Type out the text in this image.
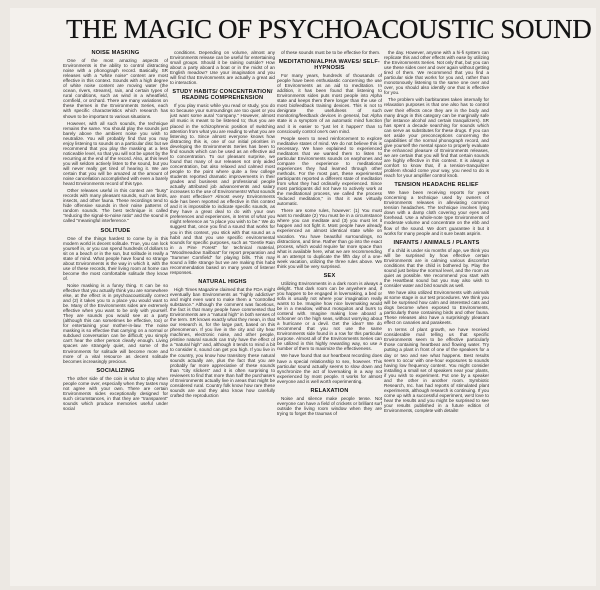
THE MAGIC OF PSYCHOACOUSTIC SOUND
NOISE MASKING

One of the most amazing aspects of Environments is the ability to control distracting noise with a phonograph record. Basically, SR releases with a "white noise" content are most effective in this context. Sounds with a high degree of white noise content are moving water (the ocean, rivers, streams), rain, and certain types of rural conditions, such as wind in a wheatfield, cornfield, or orchard. There are many variations on these themes in the Environments Series, each with specific characteristics which research has shown to be important to various situations.

However, with all such sounds, the technique remains the same. You should play the sounds just barely above the ambient noise you wish to neutralize. You will probably find that you may enjoy listening to sounds on a particular disc but we recommend that you play the masking at a less noticeable level, so that you will not be upset by the recurring at the end of the record. Also, at this level you will seldom actively listen to the sound, but you will never really get tired of hearing it. We are certain that you will be amazed at the amount of noise cancellation accomplished with even a barely heard Environments record of this type.

Other releases useful in this context are "busy" records with many pleasant sounds, such as birds, insects, and other fauna. These recordings tend to hide offensive sounds in their noise patterns of random sounds. The best technique is called "reducing the signal-to-noise ratio" and the sound is called "meaningful interference."

SOLITUDE

One of the things hardest to come by in this modern world is decent solitude. True, you can lock yourself in, or you can spend hundreds of dollars to sit on a beach or in the sun, but solitude is really a state of mind. What people have found so strange about Environments is the way in which it, with the use of these records, their living room at home can become the most comfortable solitude they know of.

Noise masking is a funny thing. It can be so effective that you actually think you are somewhere else, at the effect is in psychoacoustically correct and (2) it takes you to a place you would want to be. Many of the Environments sides are extremely effective when you want to be only with yourself. They are sounds you would see at a party (although this can sometimes be effective, too) or for entertaining your mother-in-law. The noise masking is so effective that carrying on a normal or subdued conversation can be difficult; you simply can't hear the other person clearly enough. Living spaces are strangely quiet, and some of the Environments for solitude will become more and more of a vital resource as decent solitude becomes increasingly precious.

SOCIALIZING

The other side of the coin is what to play when people come over, especially when they tastes may not agree with your own. There are certain Environments sides exceptionally designed for such circumstances, in that they are "transparent" sounds which produce memories useful under social

conditions. Depending on volume, almost any Environments release can be useful for entertaining small groups. Should it be raining outside? How about a party aboard a boat or in the midst of an English meadow? Use your imagination and you will find that Environments are actually a great aid to interaction.

STUDY HABITS/ CONCENTRATION/ READING COMPREHENSION

If you play music while you read or study, you do so because your surroundings are too quiet or you just want some aural "company." However, almost all music is meant to be listened to; thus you are placed in the schizophrenic position of switching attention from what you are reading to what you are listening to. Since almost everyone knows how distracting this is, one of our initial priorities in developing the Environments Series has been to find sounds which can be used as an effective aid to concentration. To our pleasant surprise, we found that many of our releases not only aided concentration, but also relaxed and calmed most people to the point where quite a few college students reported dramatic improvements in their grades and business and professional people actually attributed job advancements and salary increases to the use of Environments! What sounds are most effective? Almost every Environments side has been reported as effective in this context and it is impossible to indicate specific sounds, as they have a great deal to do with your own preferences and experiences, in terms of what you might reference as "a place you wish to be." We do suggest that, once you find a sound that works for you in this context, you stick with that sound as a habit and that you use specific environmental sounds for specific purposes, such as "Gentle Rain in a Pine Forest" for technical material, "Woodmeadow Sailboat" for report preparation and "Summer Cornfield" for playing bills. This may sound a little strange but we are making this habit recommendation based on many years of listener responses.

NATURAL HIGHS

High Times Magazine claimed that the FDA might eventually ban Environments as "highly addictive" and might even want to make them a "controlled substance." Although the comment was facetious, the fact is that many people have commented that Environments are a "natural high" in both senses of the term. SR knows exactly what they mean, in that our research is, for the large part, based on this phenomenon. If you live in the city and city hear machines, electronic noise, and other people, pristine natural sounds can truly have the effect of a "natural high" and, although it tends to mind a bit to consider it, sound can get you high. If you live in the country, you know how transitory these natural sounds actually are, plus the fact that you are probably far more appreciative of these sounds than "city slickers" and it is often surprising to reviewers to find that more than half the purchasers of Environments actually live in areas that might be considered rural. Country folk know how rare these sounds are and they also know how carefully crafted the reproduction

of these sounds must be to be effective for them.

MEDITATION/ALPHA WAVES/ SELF-HYPNOSIS

For many years, hundreds of thousands of people have been enthusiastic concerning the use of Environments as an aid to meditation. In addition, it has been found that listening to Environments sides puts most people into Alpha state and keeps them there longer than the use of most biofeedback training devices. This is not to denigrate the usefulness of such monitoring/feedback devices in general, but Alpha state is a symptom of an automatic mind function and it is easier to "just let it happen" than to consciously control one's own mind.

People seem to need reinforcement to explore meditative states of mind. We do not believe this is necessary. We have explained to experienced meditators that we wanted them to listen to particular Environments sounds on earphones and compare the experience to meditational experiences they had learned through other methods. For the most part, these experimental participants reported a different state of meditation from what they had ordinarily experienced. Since most participants did not have to actively work at the meditational process, we called the process "induced meditation," in that it was virtually automatic.

There are some rules, however: (1) You must want to meditate (2) You must be in a circumstance where you can meditate and (3) you must let it happen and not fight it. Most people have already experienced an almost identical state while on vacation. You have beautiful surroundings, no distractions, and time. Rather than go into the exact process, which would require far more space than what is available here, what we are recommending is an attempt to duplicate the fifth day of a one-week vacation, utilizing the three rules above. We think you will be very surprised.

SEX

Utilizing Environments in a dark room is always a delight. That dark room can be anywhere and, if you happen to be engaged in lovemaking, a bed or sofa is usually not where your imagination really wants to be. Imagine how nice lovemaking would be in a meadow, without mosquitos and burrs to contend with. Imagine making love aboard a schooner on the high seas, without worrying about a hurricane or a devil. Get the idea? We do recommend that you not use the same Environments side found in a row for this particular purpose. Almost all of the Environments Series can be utilized in this highly rewarding way, so use a number of them to maximize the effectiveness.

We have found that our heartbeat recording does have a special relationship to sex, however. This particular sound actually seems to slow down and synchronize the act of lovemaking in a way not experienced by most people. It works for almost everyone and is well worth experimenting.

RELAXATION

Noise and silence make people tense. Not everyone can have a field of crickets or brilliant surf outside the living room window when they are trying to forget the traumas of

the day. However, anyone with a hi-fi system can replicate this and other effects with ease by utilizing the Environments Series. Not only that, but you can use these sides over and over again without getting tired of them. We recommend that you find a particular side that works for you and, rather than monotonously listening to the same one over and over, you should also identify one that is effective for you.

The problem with barbiturates taken internally for relaxation purposes is that one also has to control over their effects once they are in the body and many drugs in this category can be marginally safe (for instance alcohol and certain tranquilizers). SR has spent a decade searching for sounds which can serve as substitutes for these drugs. If you can set aside your preconceptions concerning the capabilities of the normal phonograph record, and give yourself the mental space to properly evaluate the enhanced pleasure of Environments releases, we are certain that you will find that certain sounds are highly effective in this context. It is always a comfort to know that, if a tension-tranquilizer problem should come your way, you need to do is reach for your amplifier control knob.

TENSION HEADACHE RELIEF

We have been receiving reports for years concerning a technique used by owners of Environments releases in alleviating common tension headaches. The technique involves lying down with a damp cloth covering your eyes and forehead. Use a whole-note type Environments of moderate volume and concentrate on the ebb and flow of the sound. We don't guarantee it but it works for many people and it sure beats aspirin.

INFANTS / ANIMALS / PLANTS

If a child is under six months of age, we think you will be surprised by how effective certain Environments are in calming various discomfort conditions that the child is bothered by. Play the sound just below the normal level, and the room as quiet as possible. We recommend you start with the Heartbeat sound but you may also wish to consider water and bird sounds as well.

We have also utilized Environments with animals at some stage in our test procedures. We think you will be surprised how calm and interested cats and dogs become when exposed to Environments, particularly those containing birds and other fauna. These releases also have a surprisingly pleasant effect on canaries and parakeets.

In terms of plant growth, we have received considerable mail telling us that specific Environments seem to be effective particularly those containing heartbeat and flowing water. Try putting a plant in front of one of the speakers for a day or two and see what happens. Best results seem to occur with one-hour exposures to sounds having low frequency content. You might consider installing a small set of speakers near your plants, if you wish to experiment. Put one by a speaker and the other in another room. Symbiotic Research, Inc. has had reports of stimulated plant experiments, although research is continuing. If you come up with a successful experiment, we'd love to hear the results and you might be surprised to see your results published in a future edition of Environments, complete with details!
